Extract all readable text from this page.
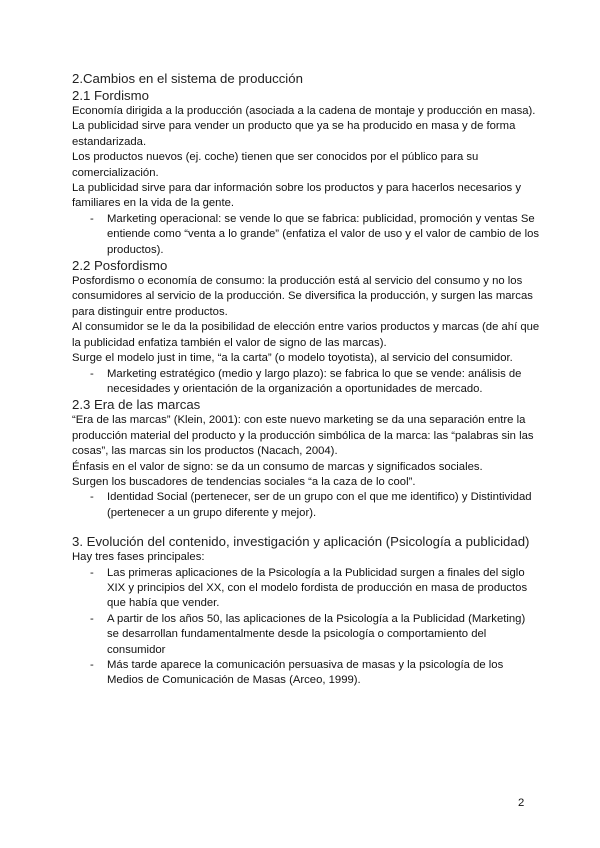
2.Cambios en el sistema de producción
2.1 Fordismo

Economía dirigida a la producción (asociada a la cadena de montaje y producción en masa).

La publicidad sirve para vender un producto que ya se ha producido en masa y de forma estandarizada.

Los productos nuevos (ej. coche) tienen que ser conocidos por el público para su comercialización.

La publicidad sirve para dar información sobre los productos y para hacerlos necesarios y familiares en la vida de la gente.

- Marketing operacional: se vende lo que se fabrica: publicidad, promoción y ventas Se entiende como “venta a lo grande” (enfatiza el valor de uso y el valor de cambio de los productos).
2.2 Posfordismo

Posfordismo o economía de consumo: la producción está al servicio del consumo y no los consumidores al servicio de la producción. Se diversifica la producción, y surgen las marcas para distinguir entre productos.

Al consumidor se le da la posibilidad de elección entre varios productos y marcas (de ahí que la publicidad enfatiza también el valor de signo de las marcas).

Surge el modelo just in time, “a la carta” (o modelo toyotista), al servicio del consumidor.

- Marketing estratégico (medio y largo plazo): se fabrica lo que se vende: análisis de necesidades y orientación de la organización a oportunidades de mercado.
2.3 Era de las marcas

“Era de las marcas” (Klein, 2001): con este nuevo marketing se da una separación entre la producción material del producto y la producción simbólica de la marca: las “palabras sin las cosas”, las marcas sin los productos (Nacach, 2004).

Énfasis en el valor de signo: se da un consumo de marcas y significados sociales.

Surgen los buscadores de tendencias sociales “a la caza de lo cool”.

- Identidad Social (pertenecer, ser de un grupo con el que me identifico) y Distintividad (pertenecer a un grupo diferente y mejor).
3. Evolución del contenido, investigación y aplicación (Psicología a publicidad)

Hay tres fases principales:

- Las primeras aplicaciones de la Psicología a la Publicidad surgen a finales del siglo XIX y principios del XX, con el modelo fordista de producción en masa de productos que había que vender.
- A partir de los años 50, las aplicaciones de la Psicología a la Publicidad (Marketing) se desarrollan fundamentalmente desde la psicología o comportamiento del consumidor
- Más tarde aparece la comunicación persuasiva de masas y la psicología de los Medios de Comunicación de Masas (Arceo, 1999).
2
